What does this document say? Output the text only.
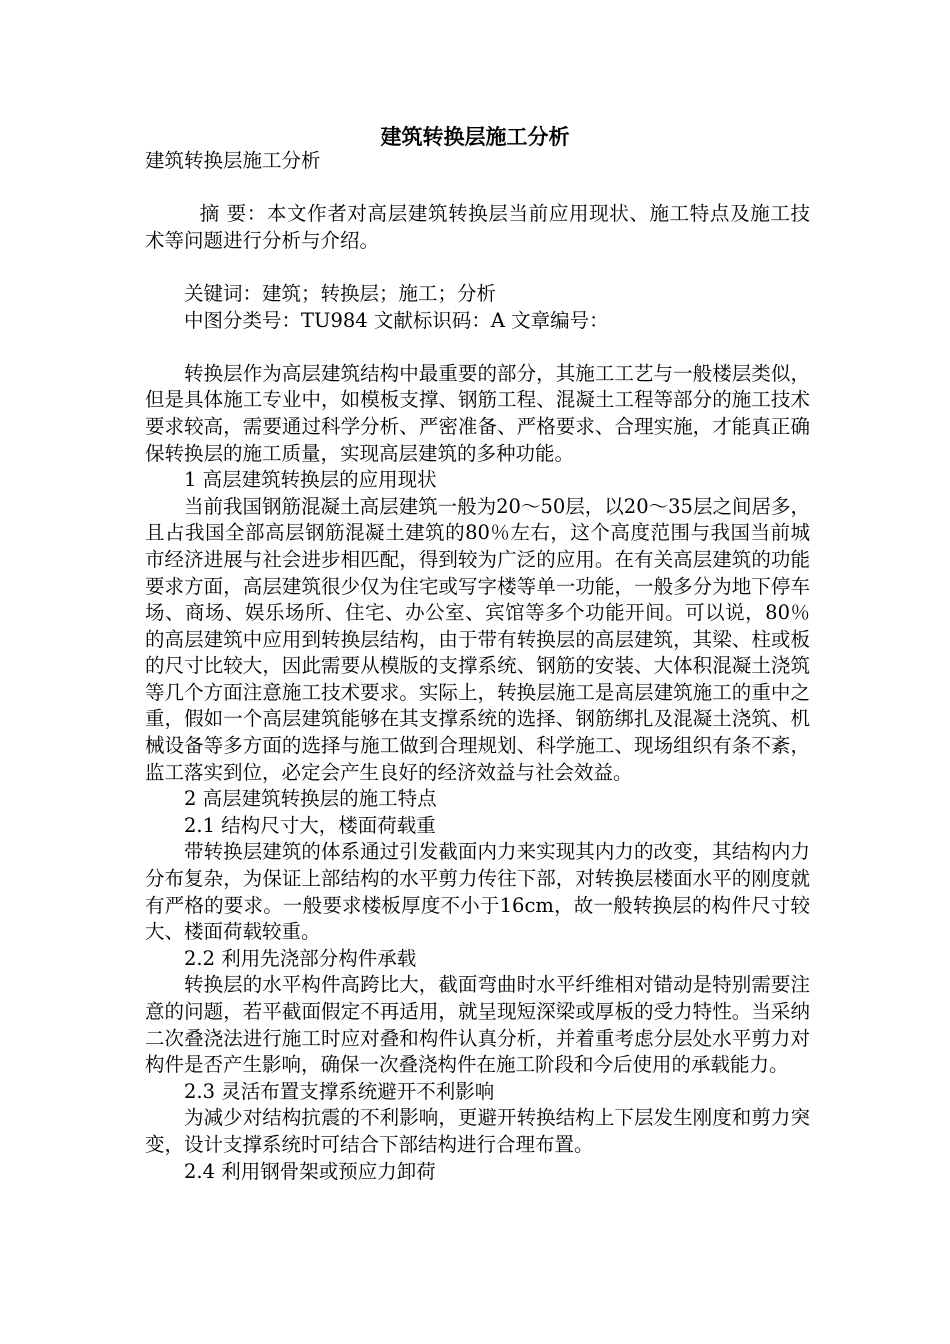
建筑转换层施工分析

建筑转换层施工分析

摘 要：本文作者对高层建筑转换层当前应用现状、施工特点及施工技术等问题进行分析与介绍。

关键词：建筑；转换层；施工；分析

中图分类号：TU984 文献标识码：A 文章编号：

转换层作为高层建筑结构中最重要的部分，其施工工艺与一般楼层类似，但是具体施工专业中，如模板支撑、钢筋工程、混凝土工程等部分的施工技术要求较高，需要通过科学分析、严密准备、严格要求、合理实施，才能真正确保转换层的施工质量，实现高层建筑的多种功能。

1 高层建筑转换层的应用现状

当前我国钢筋混凝土高层建筑一般为20～50层，以20～35层之间居多，且占我国全部高层钢筋混凝土建筑的80％左右，这个高度范围与我国当前城市经济进展与社会进步相匹配，得到较为广泛的应用。在有关高层建筑的功能要求方面，高层建筑很少仅为住宅或写字楼等单一功能，一般多分为地下停车场、商场、娱乐场所、住宅、办公室、宾馆等多个功能开间。可以说，80％ 的高层建筑中应用到转换层结构，由于带有转换层的高层建筑，其梁、柱或板的尺寸比较大，因此需要从模版的支撑系统、钢筋的安装、大体积混凝土浇筑等几个方面注意施工技术要求。实际上，转换层施工是高层建筑施工的重中之重，假如一个高层建筑能够在其支撑系统的选择、钢筋绑扎及混凝土浇筑、机械设备等多方面的选择与施工做到合理规划、科学施工、现场组织有条不紊，监工落实到位，必定会产生良好的经济效益与社会效益。

2 高层建筑转换层的施工特点

2.1 结构尺寸大，楼面荷载重

带转换层建筑的体系通过引发截面内力来实现其内力的改变，其结构内力分布复杂，为保证上部结构的水平剪力传往下部，对转换层楼面水平的刚度就有严格的要求。一般要求楼板厚度不小于16cm，故一般转换层的构件尺寸较大、楼面荷载较重。

2.2 利用先浇部分构件承载

转换层的水平构件高跨比大，截面弯曲时水平纤维相对错动是特别需要注意的问题，若平截面假定不再适用，就呈现短深梁或厚板的受力特性。当采纳二次叠浇法进行施工时应对叠和构件认真分析，并着重考虑分层处水平剪力对构件是否产生影响，确保一次叠浇构件在施工阶段和今后使用的承载能力。

2.3 灵活布置支撑系统避开不利影响

为减少对结构抗震的不利影响，更避开转换结构上下层发生刚度和剪力突变，设计支撑系统时可结合下部结构进行合理布置。

2.4 利用钢骨架或预应力卸荷
